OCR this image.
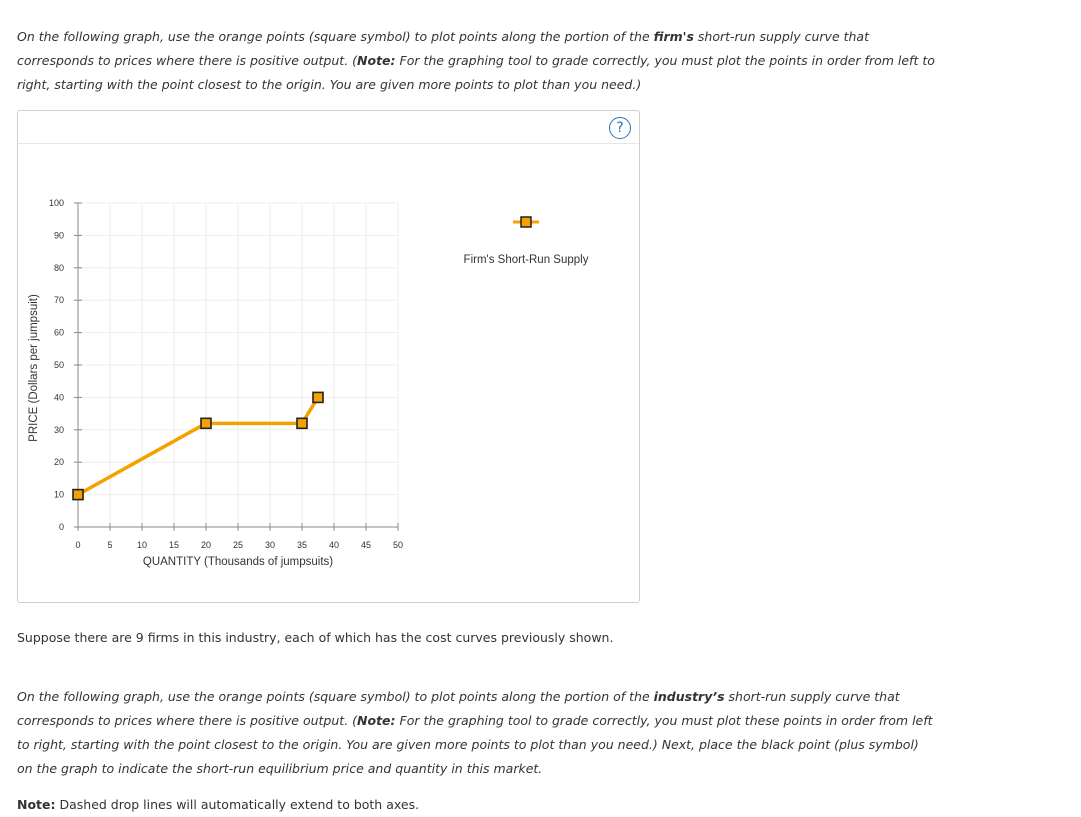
On the following graph, use the orange points (square symbol) to plot points along the portion of the firm's short-run supply curve that corresponds to prices where there is positive output. (Note: For the graphing tool to grade correctly, you must plot the points in order from left to right, starting with the point closest to the origin. You are given more points to plot than you need.)
?
0	5	10 15 20 25 30 35 40 45 50
0
10
20
30
40
50
60
70
80
90
100
QUANTITY (Thousands of jumpsuits)
PRICE (Dollars per jumpsuit)
Firm's Short-Run Supply
Suppose there are 9 firms in this industry, each of which has the cost curves previously shown.
On the following graph, use the orange points (square symbol) to plot points along the portion of the industry’s short-run supply curve that corresponds to prices where there is positive output. (Note: For the graphing tool to grade correctly, you must plot these points in order from left to right, starting with the point closest to the origin. You are given more points to plot than you need.) Next, place the black point (plus symbol) on the graph to indicate the short-run equilibrium price and quantity in this market.
Note: Dashed drop lines will automatically extend to both axes.
